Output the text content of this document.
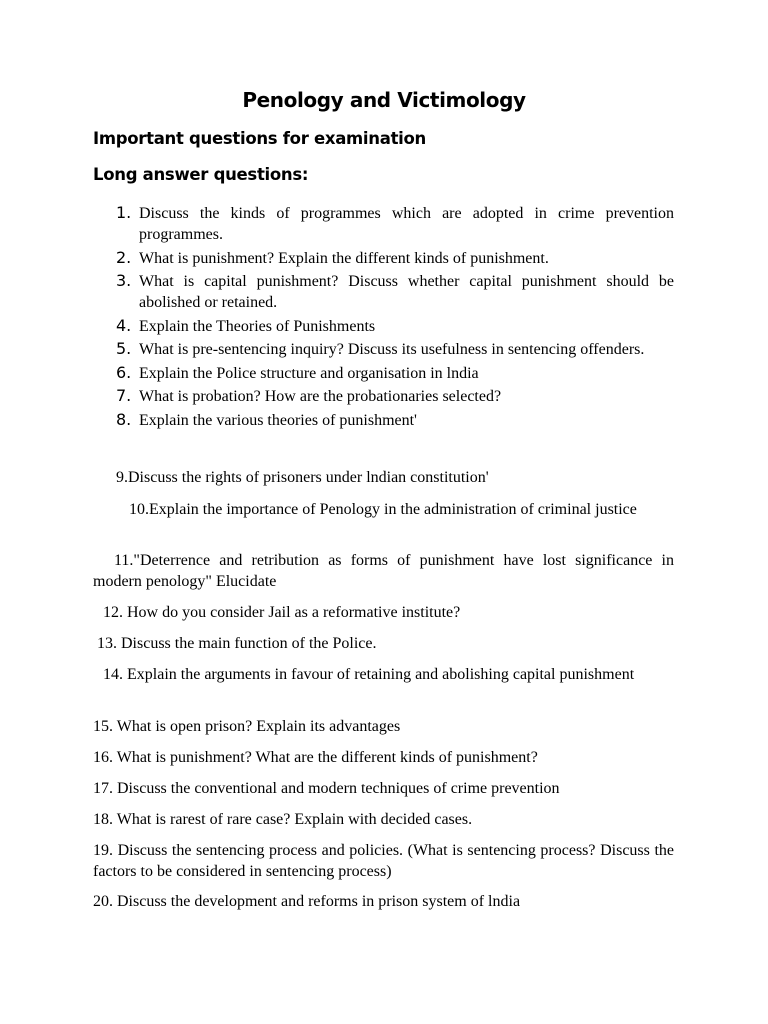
Penology and Victimology
Important questions for examination
Long answer questions:
1. Discuss the kinds of programmes which are adopted in crime prevention programmes.
2. What is punishment? Explain the different kinds of punishment.
3. What is capital punishment? Discuss whether capital punishment should be abolished or retained.
4. Explain the Theories of Punishments
5. What is pre-sentencing inquiry? Discuss its usefulness in sentencing offenders.
6. Explain the Police structure and organisation in lndia
7. What is probation? How are the probationaries selected?
8. Explain the various theories of punishment'

9.Discuss the rights of prisoners under lndian constitution'

10.Explain the importance of Penology in the administration of criminal justice

11."Deterrence and retribution as forms of punishment have lost significance in modern penology" Elucidate

12. How do you consider Jail as a reformative institute?

13. Discuss the main function of the Police.

14. Explain the arguments in favour of retaining and abolishing capital punishment

15. What is open prison? Explain its advantages

16. What is punishment? What are the different kinds of punishment?

17. Discuss the conventional and modern techniques of crime prevention

18. What is rarest of rare case? Explain with decided cases.

19. Discuss the sentencing process and policies. (What is sentencing process? Discuss the factors to be considered in sentencing process)

20. Discuss the development and reforms in prison system of lndia
